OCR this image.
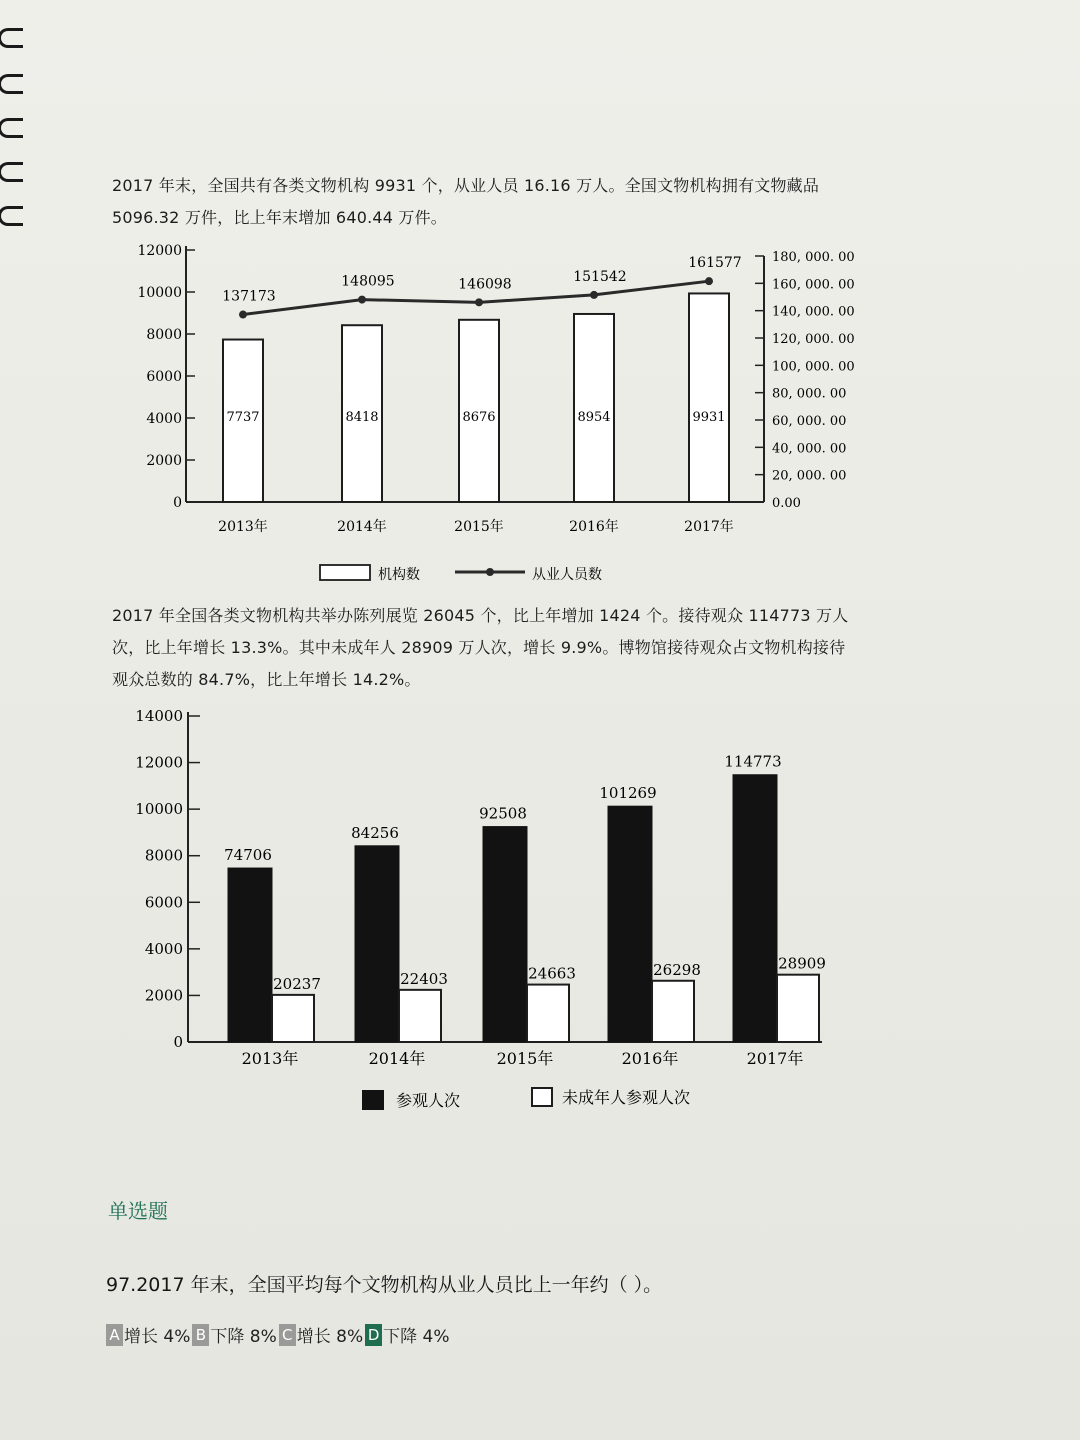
2017 年末，全国共有各类文物机构 9931 个，从业人员 16.16 万人。全国文物机构拥有文物藏品

5096.32 万件，比上年末增加 640.44 万件。

0
2000
4000
6000
8000
10000
12000
0.00
20, 000. 00
40, 000. 00
60, 000. 00
80, 000. 00
100, 000. 00
120, 000. 00
140, 000. 00
160, 000. 00
180, 000. 00
7737
2013年
8418
2014年
8676
2015年
8954
2016年
9931
2017年
137173
148095	146098	151542
161577
机构数	从业人员数

2017 年全国各类文物机构共举办陈列展览 26045 个，比上年增加 1424 个。接待观众 114773 万人

次，比上年增长 13.3%。其中未成年人 28909 万人次，增长 9.9%。博物馆接待观众占文物机构接待

观众总数的 84.7%，比上年增长 14.2%。

0
2000
4000
6000
8000
10000
12000
14000
74706
20237
2013年
84256
22403
2014年
92508
24663
2015年
101269
26298
2016年
114773
28909
2017年
参观人次	未成年人参观人次
单选题
97.2017 年末，全国平均每个文物机构从业人员比上一年约（ ）。
A 增长 4% B 下降 8% C 增长 8% D 下降 4%
